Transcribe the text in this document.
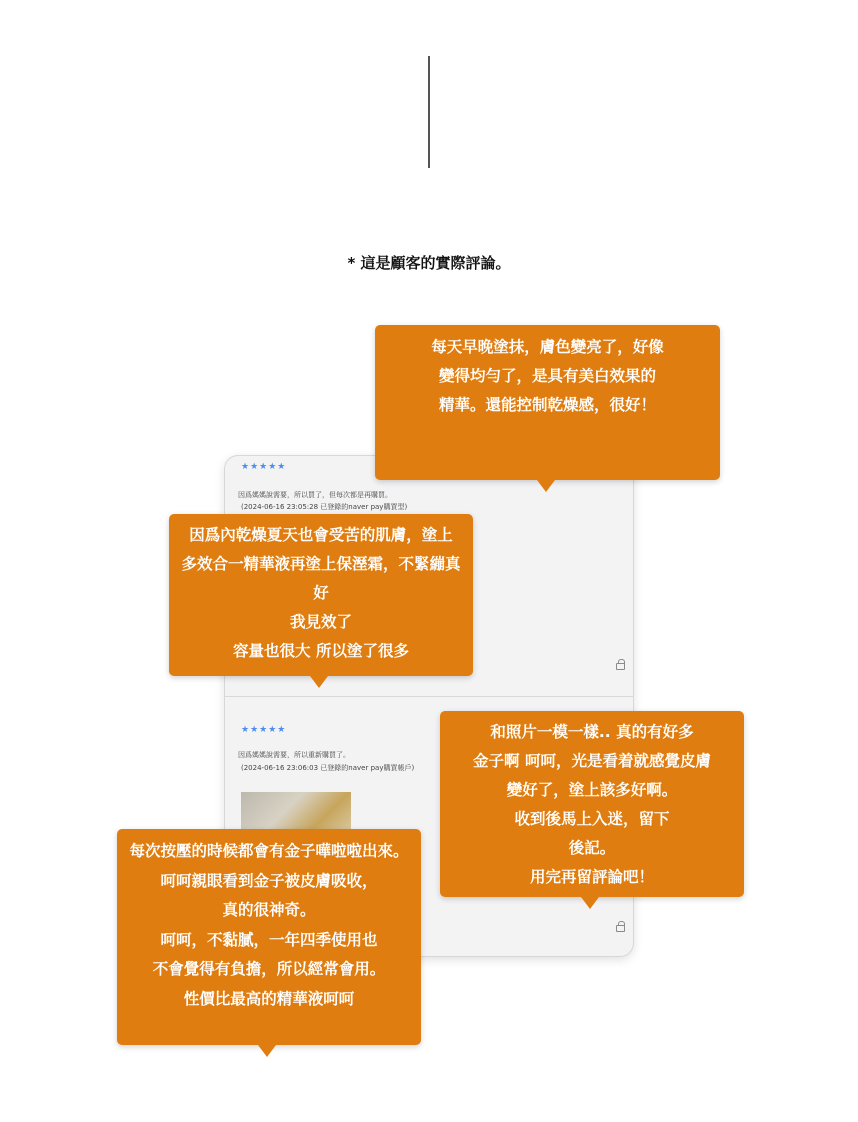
* 這是顧客的實際評論。
★★★★★
因爲媽媽說需要，所以買了，但每次都是再購買。
(2024-06-16 23:05:28 已登錄的naver pay購買型)
★★★★★
因爲媽媽說需要，所以重新購買了。
(2024-06-16 23:06:03 已登錄的naver pay購買帳戶)
每天早晚塗抹，膚色變亮了，好像
變得均勻了，是具有美白效果的
精華。還能控制乾燥感，很好！
因爲內乾燥夏天也會受苦的肌膚，塗上
多效合一精華液再塗上保溼霜，不緊繃真
好
我見效了
容量也很大 所以塗了很多
和照片一模一樣.. 真的有好多
金子啊 呵呵，光是看着就感覺皮膚
變好了，塗上該多好啊。
收到後馬上入迷，留下
後記。
用完再留評論吧！
每次按壓的時候都會有金子嘩啦啦出來。
呵呵親眼看到金子被皮膚吸收，
真的很神奇。
呵呵，不黏膩，一年四季使用也
不會覺得有負擔，所以經常會用。
性價比最高的精華液呵呵
